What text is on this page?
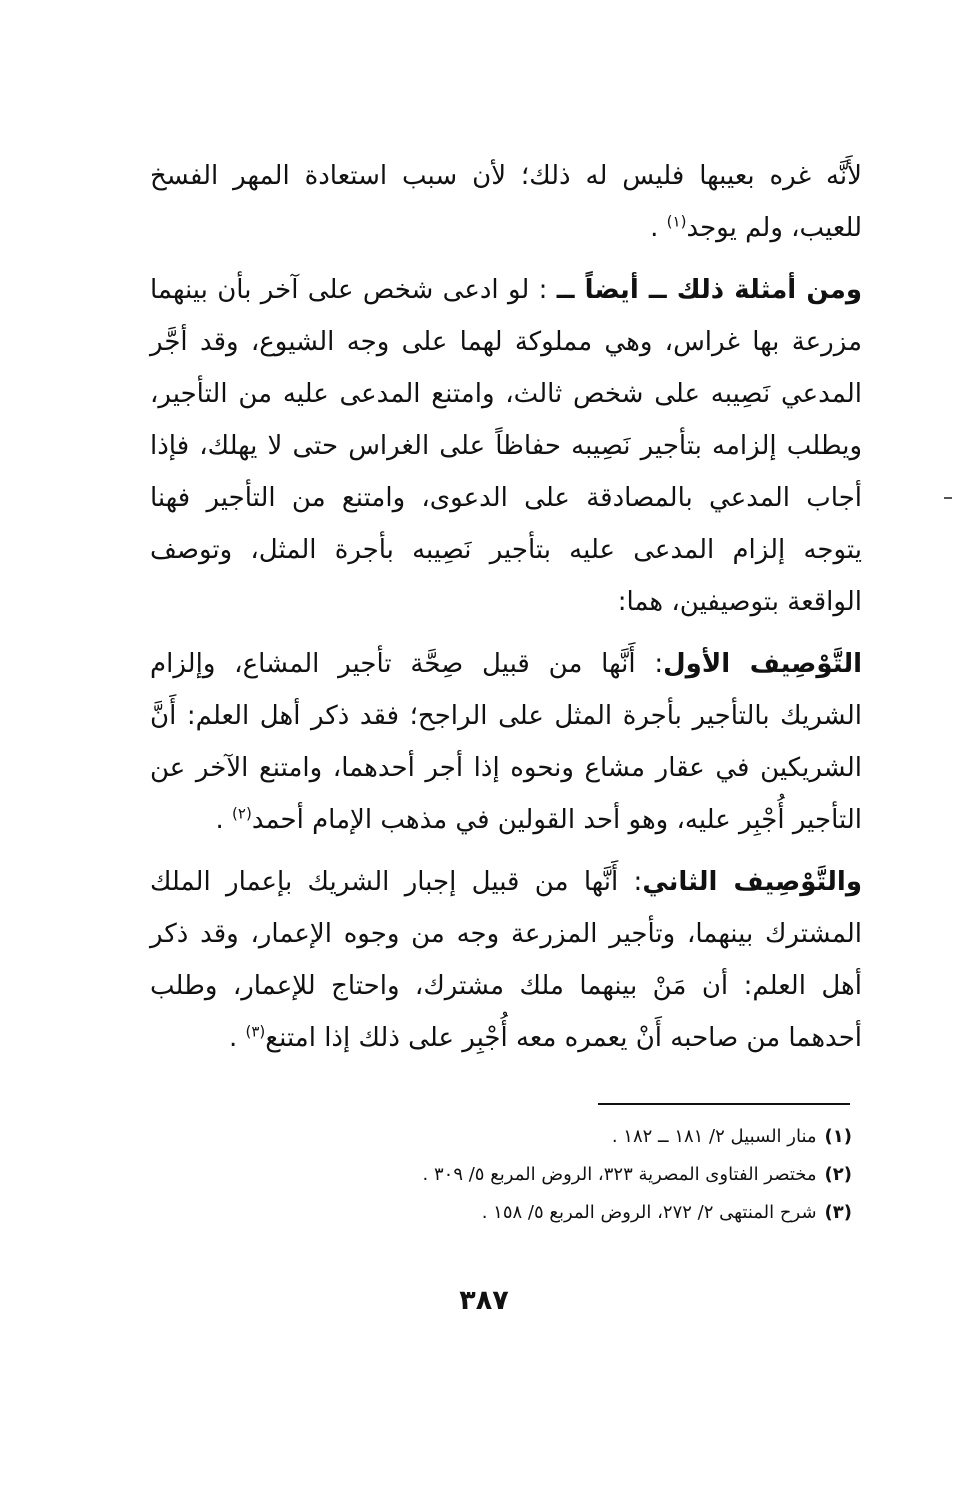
لأَنَّه غره بعيبها فليس له ذلك؛ لأن سبب استعادة المهر الفسخ للعيب، ولم يوجد$^{(١)}$ .

ومن أمثلة ذلك ــ أيضاً ــ : لو ادعى شخص على آخر بأن بينهما مزرعة بها غراس، وهي مملوكة لهما على وجه الشيوع، وقد أجَّر المدعي نَصِيبه على شخص ثالث، وامتنع المدعى عليه من التأجير، ويطلب إلزامه بتأجير نَصِيبه حفاظاً على الغراس حتى لا يهلك، فإذا أجاب المدعي بالمصادقة على الدعوى، وامتنع من التأجير فهنا يتوجه إلزام المدعى عليه بتأجير نَصِيبه بأجرة المثل، وتوصف الواقعة بتوصيفين، هما:

التَّوْصِيف الأول: أَنَّها من قبيل صِحَّة تأجير المشاع، وإلزام الشريك بالتأجير بأجرة المثل على الراجح؛ فقد ذكر أهل العلم: أَنَّ الشريكين في عقار مشاع ونحوه إذا أجر أحدهما، وامتنع الآخر عن التأجير أُجْبِر عليه، وهو أحد القولين في مذهب الإمام أحمد$^{(٢)}$ .

والتَّوْصِيف الثاني: أَنَّها من قبيل إجبار الشريك بإعمار الملك المشترك بينهما، وتأجير المزرعة وجه من وجوه الإعمار، وقد ذكر أهل العلم: أن مَنْ بينهما ملك مشترك، واحتاج للإعمار، وطلب أحدهما من صاحبه أَنْ يعمره معه أُجْبِر على ذلك إذا امتنع$^{(٣)}$ .

(١)منار السبيل ٢/ ١٨١ ــ ١٨٢ .

(٢)مختصر الفتاوى المصرية ٣٢٣، الروض المربع ٥/ ٣٠٩ .

(٣)شرح المنتهى ٢/ ٢٧٢، الروض المربع ٥/ ١٥٨ .

٣٨٧
